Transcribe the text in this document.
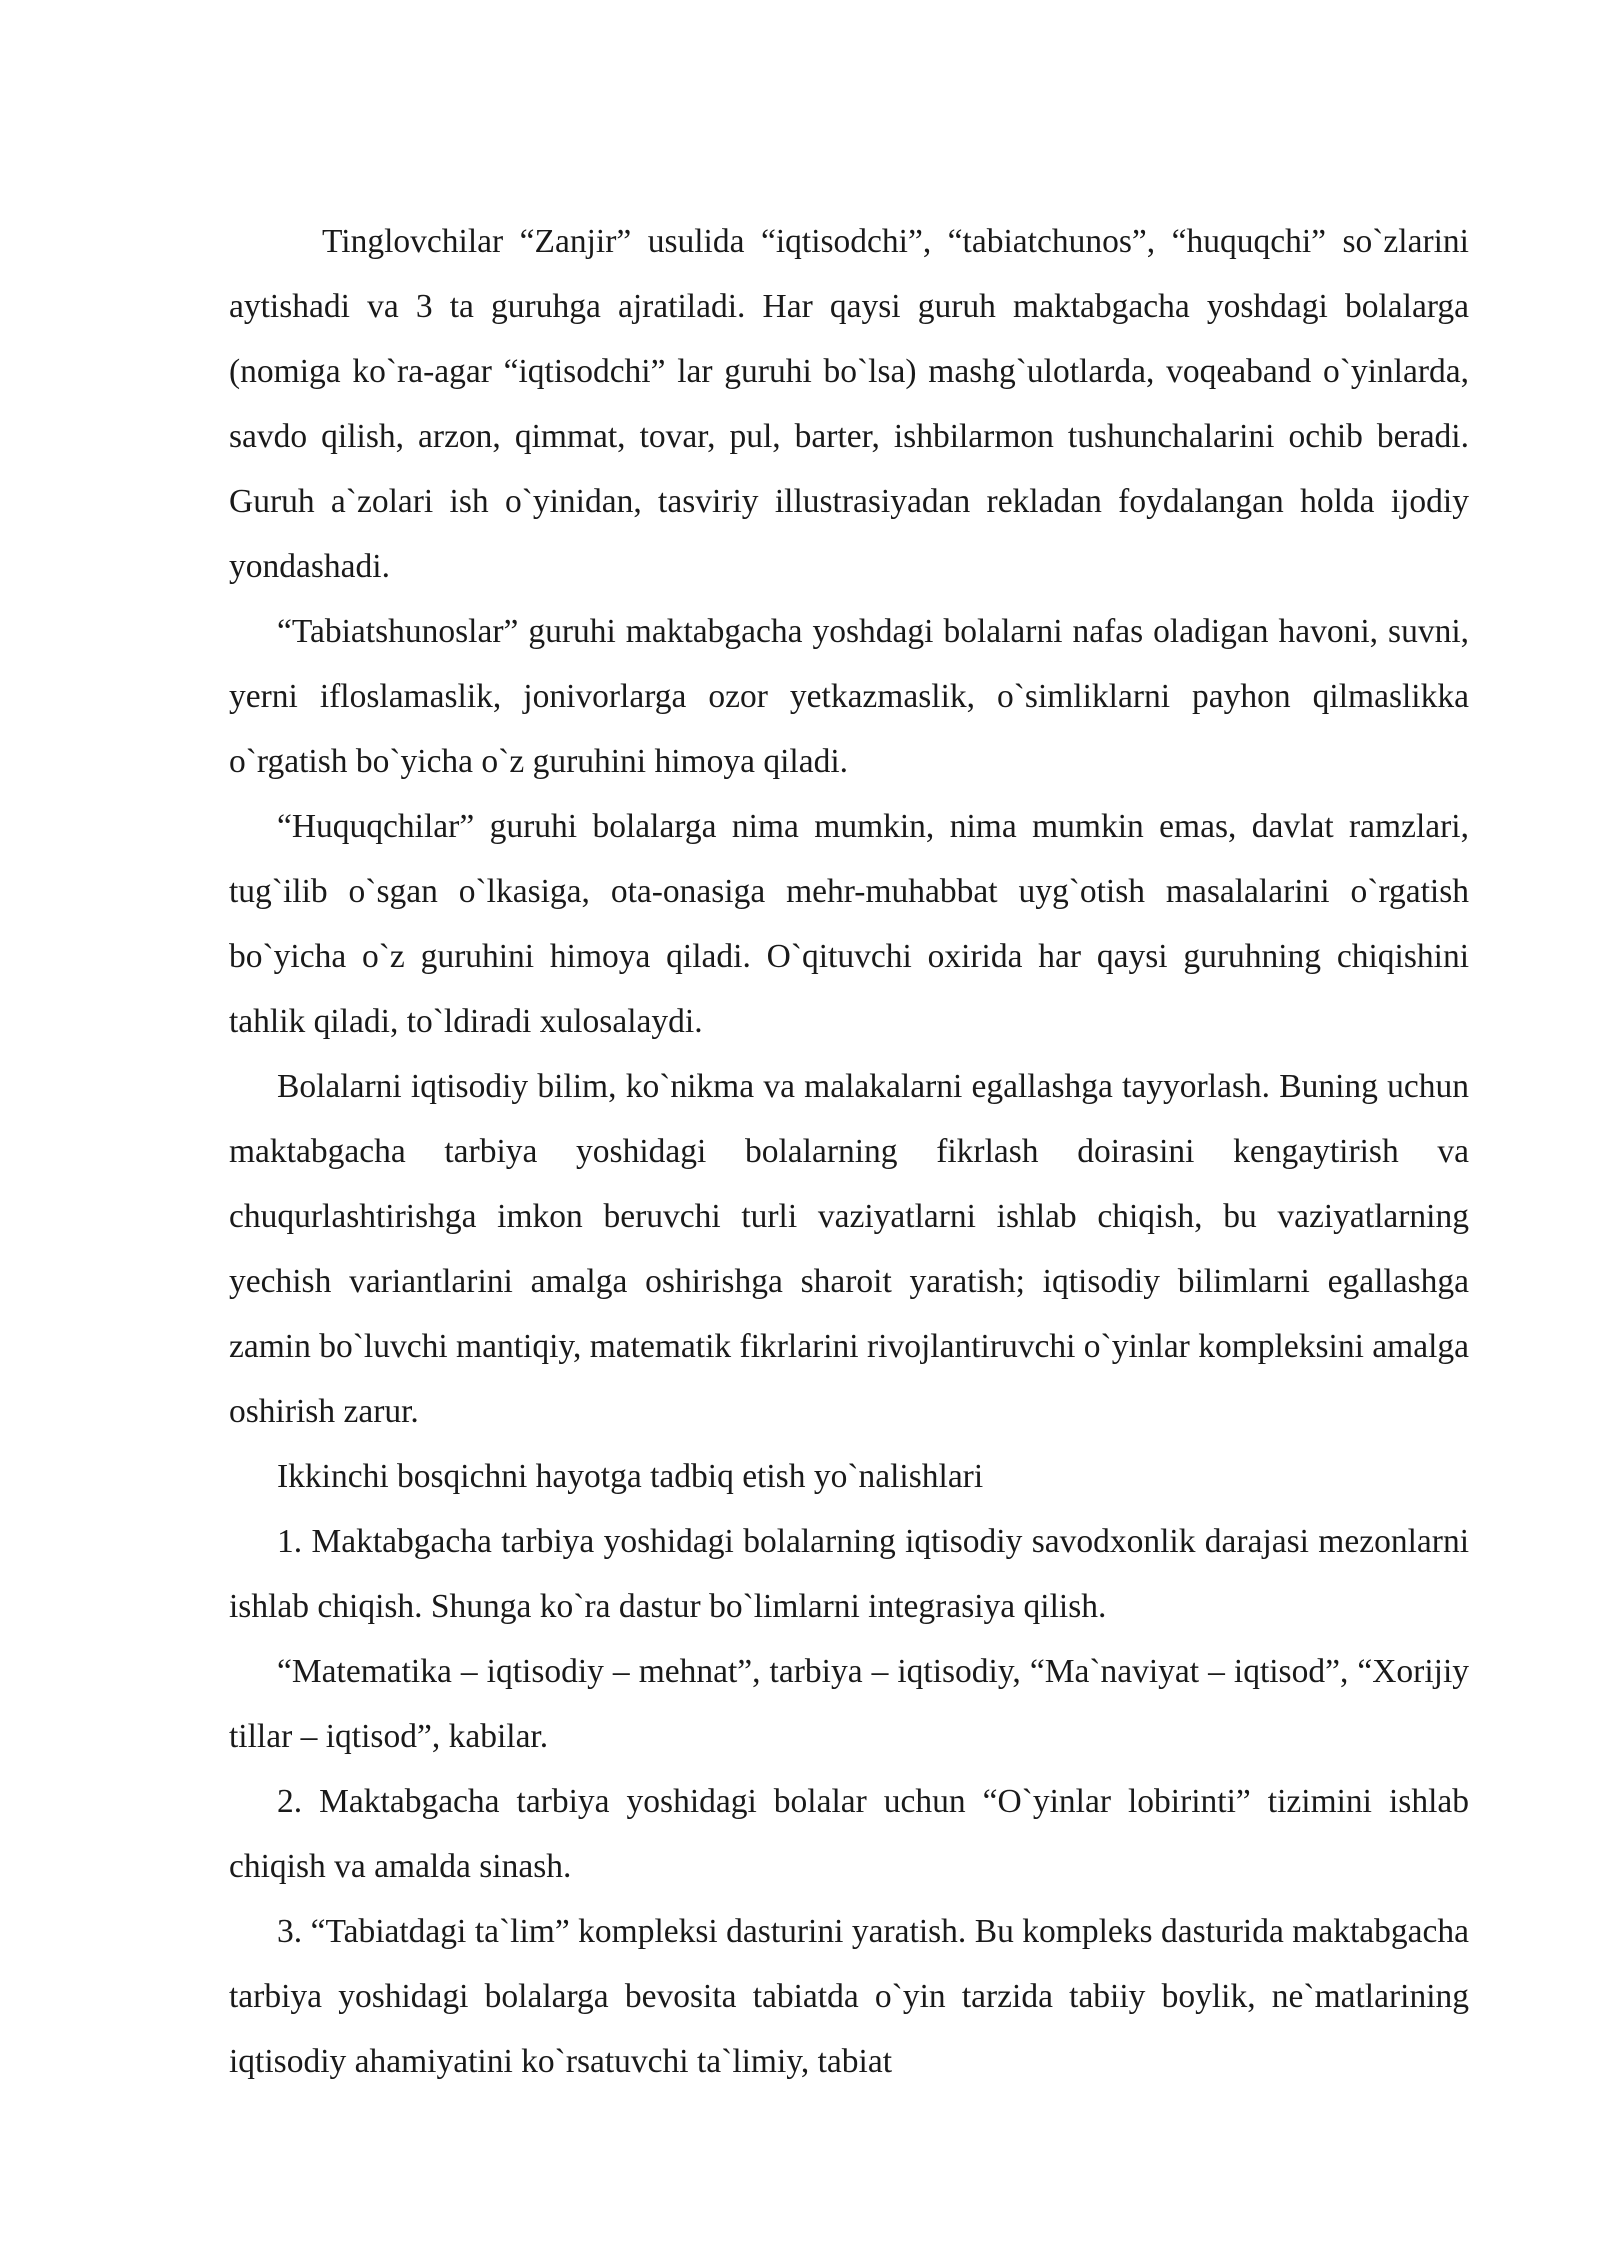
Tinglovchilar “Zanjir” usulida “iqtisodchi”, “tabiatchunos”, “huquqchi” so`zlarini aytishadi va 3 ta guruhga ajratiladi. Har qaysi guruh maktabgacha yoshdagi bolalarga (nomiga ko`ra-agar “iqtisodchi” lar guruhi bo`lsa) mashg`ulotlarda, voqeaband o`yinlarda, savdo qilish, arzon, qimmat, tovar, pul, barter, ishbilarmon tushunchalarini ochib beradi. Guruh a`zolari ish o`yinidan, tasviriy illustrasiyadan rekladan foydalangan holda ijodiy yondashadi.

“Tabiatshunoslar” guruhi maktabgacha yoshdagi bolalarni nafas oladigan havoni, suvni, yerni ifloslamaslik, jonivorlarga ozor yetkazmaslik, o`simliklarni payhon qilmaslikka o`rgatish bo`yicha o`z guruhini himoya qiladi.

“Huquqchilar” guruhi bolalarga nima mumkin, nima mumkin emas, davlat ramzlari, tug`ilib o`sgan o`lkasiga, ota-onasiga mehr-muhabbat uyg`otish masalalarini o`rgatish bo`yicha o`z guruhini himoya qiladi. O`qituvchi oxirida har qaysi guruhning chiqishini tahlik qiladi, to`ldiradi xulosalaydi.

Bolalarni iqtisodiy bilim, ko`nikma va malakalarni egallashga tayyorlash. Buning uchun maktabgacha tarbiya yoshidagi bolalarning fikrlash doirasini kengaytirish va chuqurlashtirishga imkon beruvchi turli vaziyatlarni ishlab chiqish, bu vaziyatlarning yechish variantlarini amalga oshirishga sharoit yaratish; iqtisodiy bilimlarni egallashga zamin bo`luvchi mantiqiy, matematik fikrlarini rivojlantiruvchi o`yinlar kompleksini amalga oshirish zarur.

Ikkinchi bosqichni hayotga tadbiq etish yo`nalishlari

1. Maktabgacha tarbiya yoshidagi bolalarning iqtisodiy savodxonlik darajasi mezonlarni ishlab chiqish. Shunga ko`ra dastur bo`limlarni integrasiya qilish.

“Matematika – iqtisodiy – mehnat”, tarbiya – iqtisodiy, “Ma`naviyat – iqtisod”, “Xorijiy tillar – iqtisod”, kabilar.

2. Maktabgacha tarbiya yoshidagi bolalar uchun “O`yinlar lobirinti” tizimini ishlab chiqish va amalda sinash.

3. “Tabiatdagi ta`lim” kompleksi dasturini yaratish. Bu kompleks dasturida maktabgacha tarbiya yoshidagi bolalarga bevosita tabiatda o`yin tarzida tabiiy boylik, ne`matlarining iqtisodiy ahamiyatini ko`rsatuvchi ta`limiy, tabiat
